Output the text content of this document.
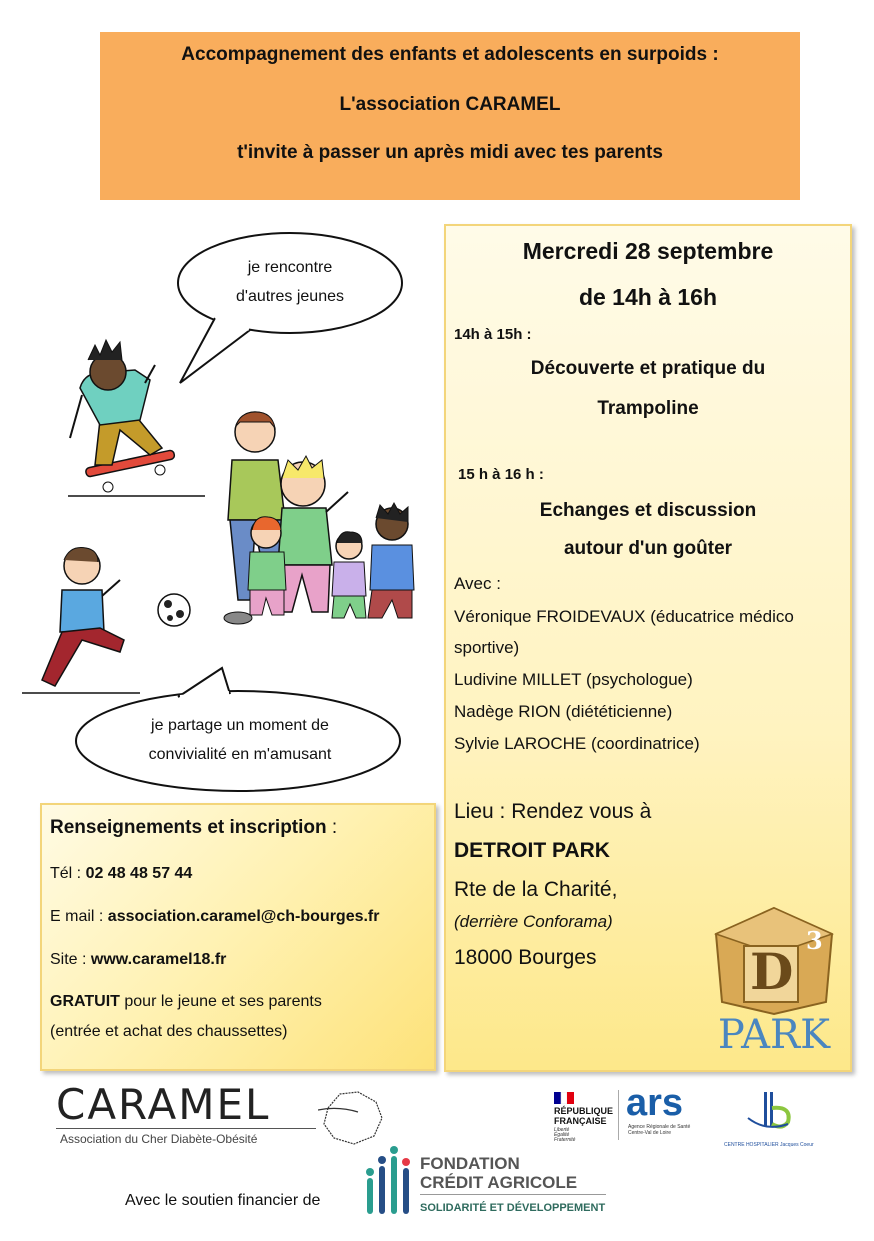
Accompagnement des enfants et adolescents en surpoids :
L'association CARAMEL
t'invite à passer un après midi avec tes parents
je rencontre
d'autres jeunes
je partage un moment de
convivialité en m'amusant
Mercredi 28 septembre
de 14h à 16h
14h à 15h :
Découverte et pratique du
Trampoline
15 h à 16 h :
Echanges et discussion
autour d'un goûter
Avec :
Véronique FROIDEVAUX (éducatrice médico
sportive)
Ludivine MILLET (psychologue)
Nadège RION (diététicienne)
Sylvie LAROCHE (coordinatrice)
Lieu : Rendez vous à
DETROIT PARK
Rte de la Charité,
(derrière Conforama)
18000 Bourges	D
3
PARK
Renseignements et inscription :
Tél : 02 48 48 57 44
E mail : association.caramel@ch-bourges.fr
Site : www.caramel18.fr
GRATUIT pour le jeune et ses parents
(entrée et achat des chaussettes)
CARAMEL
Association du Cher Diabète-Obésité
Avec le soutien financier de
FONDATION
CRÉDIT AGRICOLE
SOLIDARITÉ ET DÉVELOPPEMENT
RÉPUBLIQUE
FRANÇAISE
Liberté
Égalité
Fraternité
ars
Agence Régionale de Santé
Centre-Val de Loire
CENTRE HOSPITALIER Jacques Coeur
